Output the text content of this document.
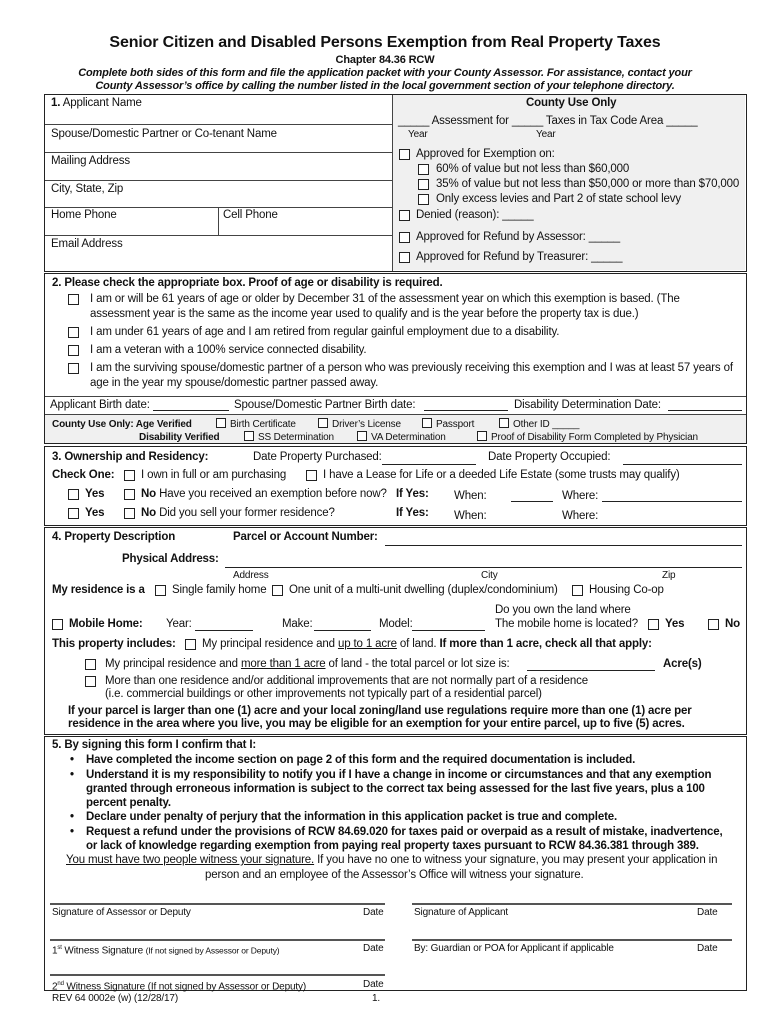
Senior Citizen and Disabled Persons Exemption from Real Property Taxes
Chapter 84.36 RCW
Complete both sides of this form and file the application packet with your County Assessor. For assistance, contact your
County Assessor’s office by calling the number listed in the local government section of your telephone directory.
1. Applicant Name
Spouse/Domestic Partner or Co-tenant Name
Mailing Address
City, State, Zip
Home Phone	Cell Phone
Email Address
County Use Only
_____ Assessment for _____ Taxes in Tax Code Area _____
Year	Year
Approved for Exemption on:
60% of value but not less than $60,000
35% of value but not less than $50,000 or more than $70,000
Only excess levies and Part 2 of state school levy
Denied (reason): _____
Approved for Refund by Assessor: _____
Approved for Refund by Treasurer: _____
2. Please check the appropriate box. Proof of age or disability is required.
I am or will be 61 years of age or older by December 31 of the assessment year on which this exemption is based. (The
assessment year is the same as the income year used to qualify and is the year before the property tax is due.)
I am under 61 years of age and I am retired from regular gainful employment due to a disability.
I am a veteran with a 100% service connected disability.
I am the surviving spouse/domestic partner of a person who was previously receiving this exemption and I was at least 57 years of
age in the year my spouse/domestic partner passed away.
Applicant Birth date:	Spouse/Domestic Partner Birth date:	Disability Determination Date:
County Use Only: Age Verified	Birth Certificate	Driver’s License	Passport	Other ID _____
Disability Verified	SS Determination	VA Determination	Proof of Disability Form Completed by Physician
3. Ownership and Residency:	Date Property Purchased:	Date Property Occupied:
Check One: I own in full or am purchasing	I have a Lease for Life or a deeded Life Estate (some trusts may qualify)
Yes	No Have you received an exemption before now? If Yes: When:	Where:
Yes	No Did you sell your former residence?	If Yes: When:	Where:
4. Property Description	Parcel or Account Number:
Physical Address:
Address	City	Zip
My residence is a Single family home One unit of a multi-unit dwelling (duplex/condominium)	Housing Co-op
Do you own the land where
Mobile Home: Year:	Make:	Model:	The mobile home is located? Yes	No
This property includes: My principal residence and up to 1 acre of land. If more than 1 acre, check all that apply:
My principal residence and more than 1 acre of land - the total parcel or lot size is:	Acre(s)
More than one residence and/or additional improvements that are not normally part of a residence
(i.e. commercial buildings or other improvements not typically part of a residential parcel)
If your parcel is larger than one (1) acre and your local zoning/land use regulations require more than one (1) acre per
residence in the area where you live, you may be eligible for an exemption for your entire parcel, up to five (5) acres.
5. By signing this form I confirm that I:
• Have completed the income section on page 2 of this form and the required documentation is included.
• Understand it is my responsibility to notify you if I have a change in income or circumstances and that any exemption
granted through erroneous information is subject to the correct tax being assessed for the last five years, plus a 100
percent penalty.
• Declare under penalty of perjury that the information in this application packet is true and complete.
• Request a refund under the provisions of RCW 84.69.020 for taxes paid or overpaid as a result of mistake, inadvertence,
or lack of knowledge regarding exemption from paying real property taxes pursuant to RCW 84.36.381 through 389.
You must have two people witness your signature. If you have no one to witness your signature, you may present your application in
person and an employee of the Assessor’s Office will witness your signature.
Signature of Assessor or Deputy	Date	Signature of Applicant	Date
1st Witness Signature (If not signed by Assessor or Deputy)	Date	By: Guardian or POA for Applicant if applicable	Date
2nd Witness Signature (If not signed by Assessor or Deputy)	Date
REV 64 0002e (w) (12/28/17)	1.
